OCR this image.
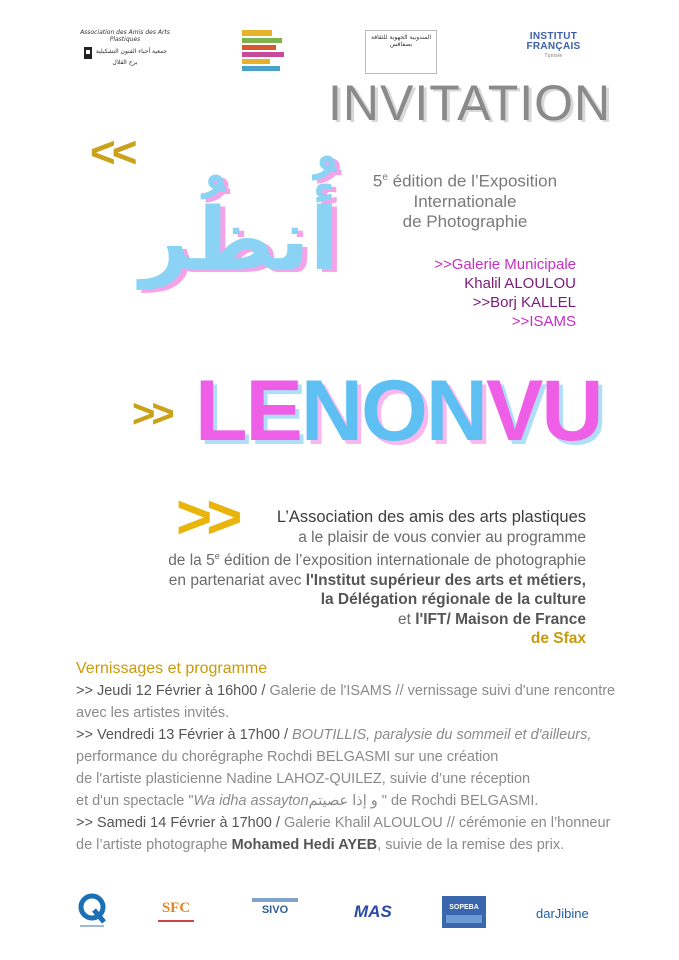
Association des Amis des Arts Plastiques
جمعية أحباء الفنون التشكيلية
برج القلال
المندوبية الجهوية للثقافة
بصفاقس
INSTITUT
FRANÇAIS
Tunisie
INVITATION
<<
$5^e$ édition de l’Exposition
Internationale
de Photographie
أُنظُر	>>Galerie Municipale
Khalil ALOULOU
>>Borj KALLEL
>>ISAMS
>> LENONVU
>>	L’Association des amis des arts plastiques
a le plaisir de vous convier au programme
de la 5e édition de l’exposition internationale de photographie
en partenariat avec l'Institut supérieur des arts et métiers,
la Délégation régionale de la culture
et l'IFT/ Maison de France
de Sfax
Vernissages et programme
>> Jeudi 12 Février à 16h00 / Galerie de l'ISAMS // vernissage suivi d'une rencontre
avec les artistes invités.
>> Vendredi 13 Février à 17h00 / BOUTILLIS, paralysie du sommeil et d'ailleurs,
performance du chorégraphe Rochdi BELGASMI sur une création
de l'artiste plasticienne Nadine LAHOZ-QUILEZ, suivie d’une réception
et d'un spectacle "Wa idha assaytonو إذا عصيتم " de Rochdi BELGASMI.
>> Samedi 14 Février à 17h00 / Galerie Khalil ALOULOU // cérémonie en l’honneur
de l’artiste photographe Mohamed Hedi AYEB, suivie de la remise des prix.
SFC	SIVO	MAS	SOPEBA	darJibine
